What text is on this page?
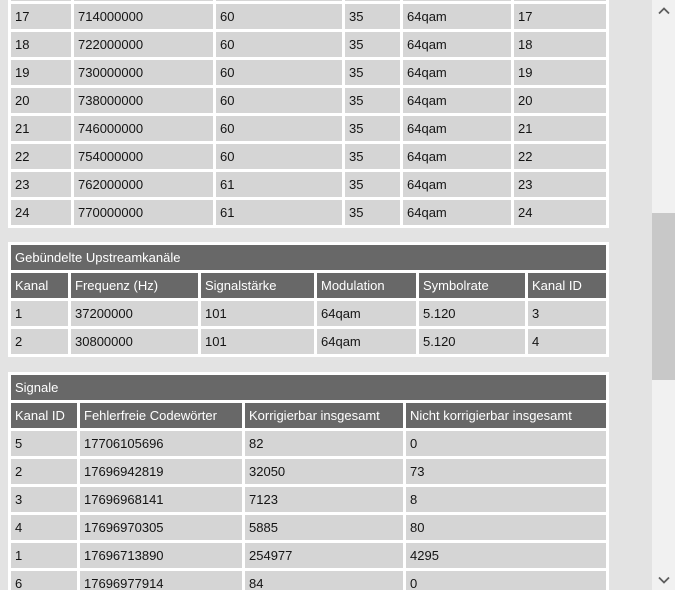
17	714000000	60	35	64qam	17
18	722000000	60	35	64qam	18
19	730000000	60	35	64qam	19
20	738000000	60	35	64qam	20
21	746000000	60	35	64qam	21
22	754000000	60	35	64qam	22
23	762000000	61	35	64qam	23
24	770000000	61	35	64qam	24
Gebündelte Upstreamkanäle					
Kanal	Frequenz (Hz)	Signalstärke	Modulation	Symbolrate	Kanal ID
1	37200000	101	64qam	5.120	3
2	30800000	101	64qam	5.120	4
Signale			
Kanal ID	Fehlerfreie Codewörter	Korrigierbar insgesamt	Nicht korrigierbar insgesamt
5	17706105696	82	0
2	17696942819	32050	73
3	17696968141	7123	8
4	17696970305	5885	80
1	17696713890	254977	4295
6	17696977914	84	0
